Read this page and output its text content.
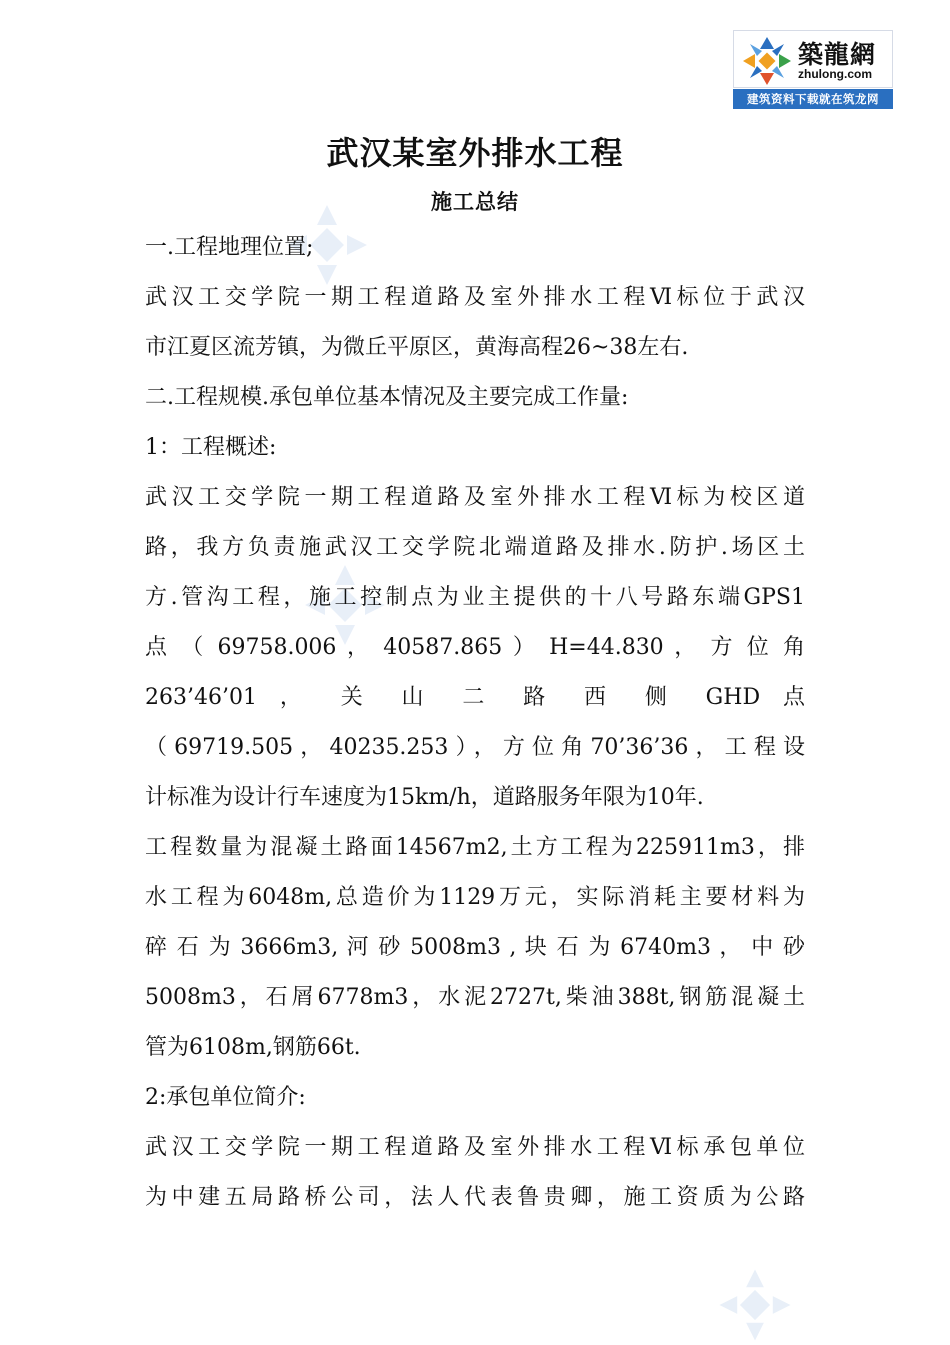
築龍網
zhulong.com
建筑资料下载就在筑龙网
武汉某室外排水工程
施工总结
一.工程地理位置;
武汉工交学院一期工程道路及室外排水工程Ⅵ标位于武汉
市江夏区流芳镇，为微丘平原区，黄海高程26~38左右.
二.工程规模.承包单位基本情况及主要完成工作量:
1：工程概述:
武汉工交学院一期工程道路及室外排水工程Ⅵ标为校区道
路，我方负责施武汉工交学院北端道路及排水.防护.场区土
方.管沟工程，施工控制点为业主提供的十八号路东端GPS1
点 （ 69758.006 ， 40587.865 ） H=44.830 ， 方 位 角
263’46’01 ， 关 山 二 路 西 侧 GHD 点
（69719.505，40235.253），方位角70’36’36，工程设
计标准为设计行车速度为15km/h，道路服务年限为10年.
工程数量为混凝土路面14567m2,土方工程为225911m3，排
水工程为6048m,总造价为1129万元，实际消耗主要材料为
碎 石 为 3666m3, 河 砂 5008m3 , 块 石 为 6740m3 ， 中 砂
5008m3，石屑6778m3，水泥2727t,柴油388t,钢筋混凝土
管为6108m,钢筋66t.
2:承包单位简介:
武汉工交学院一期工程道路及室外排水工程Ⅵ标承包单位
为中建五局路桥公司，法人代表鲁贵卿，施工资质为公路
